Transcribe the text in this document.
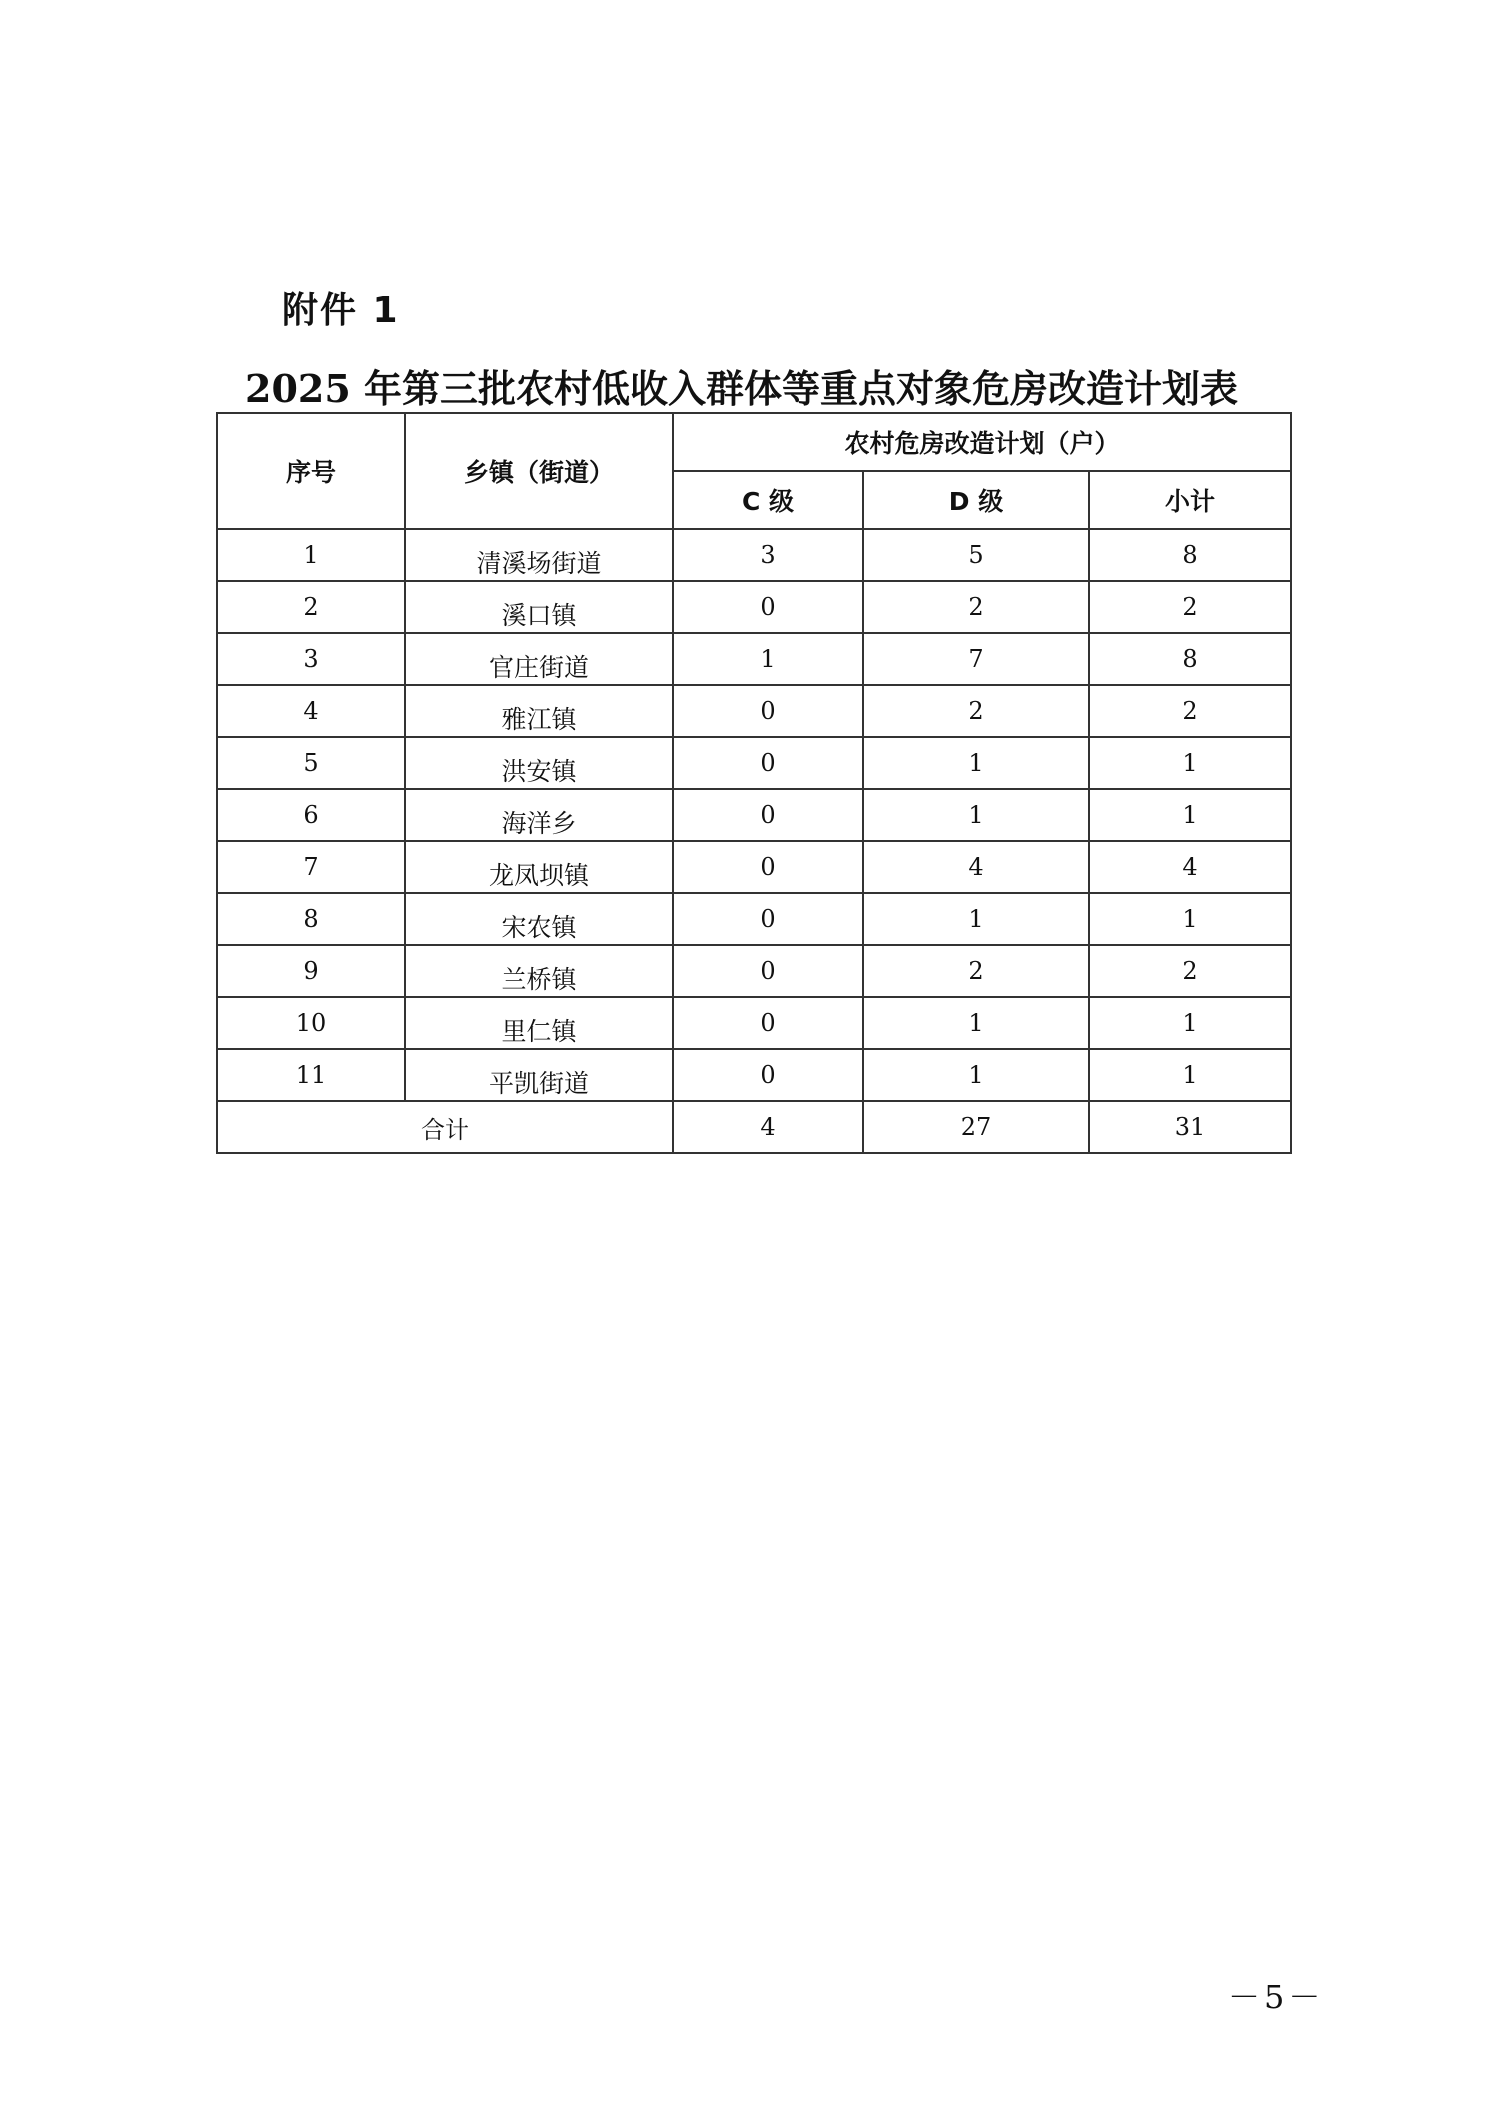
附件 1
2025 年第三批农村低收入群体等重点对象危房改造计划表
序号	乡镇（街道）	农村危房改造计划（户）		
		C 级	D 级	小计
1	清溪场街道	3	5	8
2	溪口镇	0	2	2
3	官庄街道	1	7	8
4	雅江镇	0	2	2
5	洪安镇	0	1	1
6	海洋乡	0	1	1
7	龙凤坝镇	0	4	4
8	宋农镇	0	1	1
9	兰桥镇	0	2	2
10	里仁镇	0	1	1
11	平凯街道	0	1	1
合计		4	27	31
－5－
